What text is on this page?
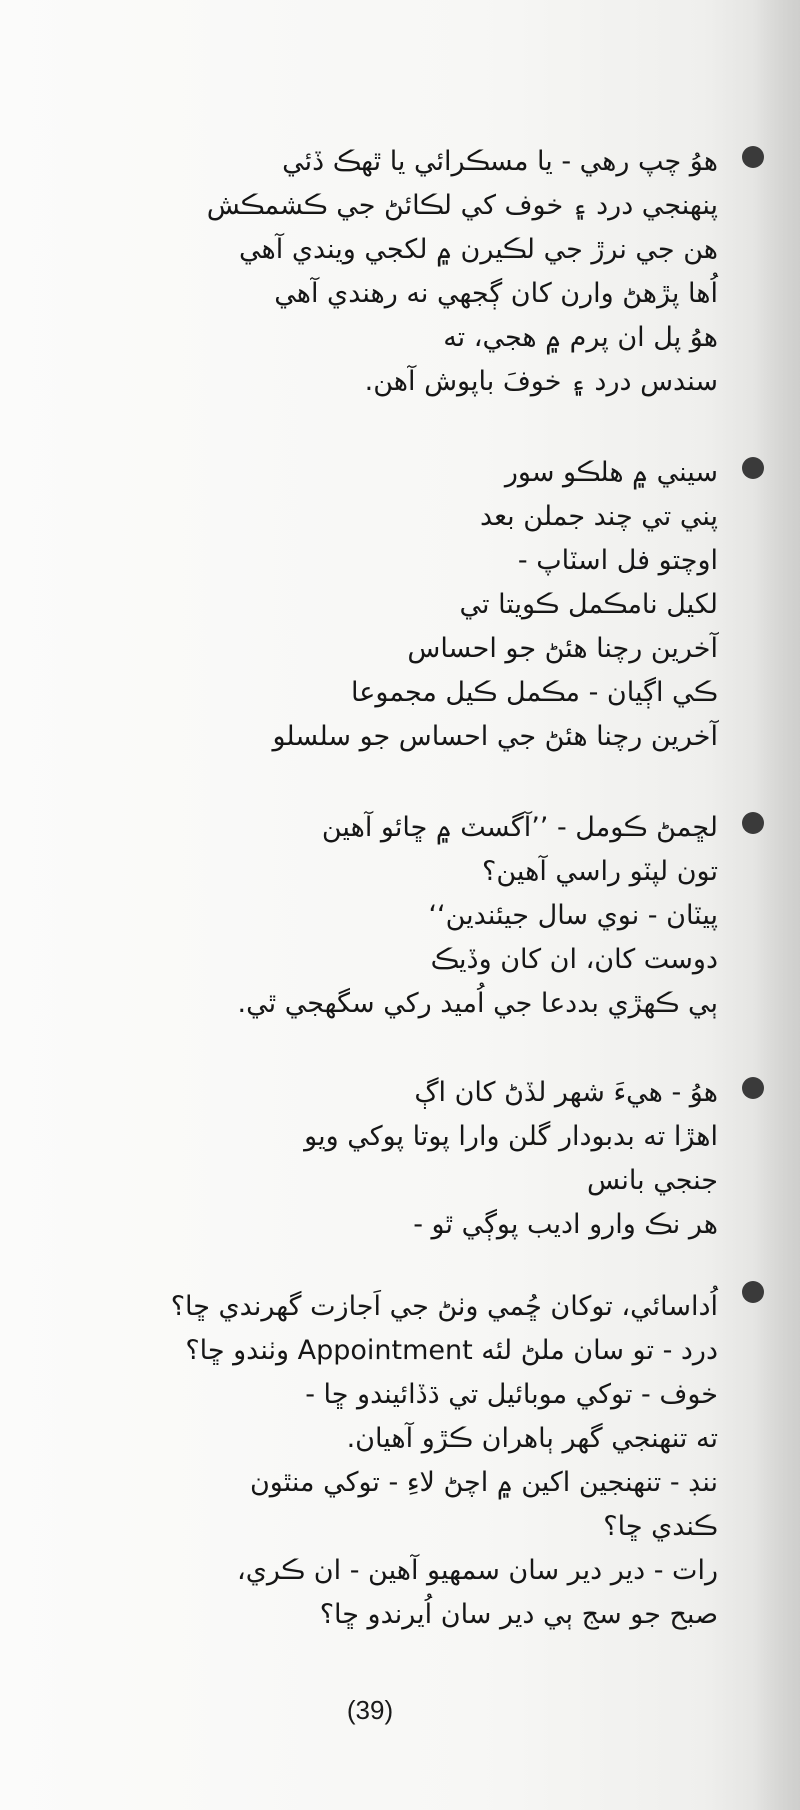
هوُ چپ رهي - يا مسڪرائي يا ٿهڪ ڏئي
پنهنجي درد ۽ خوف کي لڪائڻ جي ڪشمڪش
هن جي نرڙ جي لڪيرن ۾ لکجي ويندي آهي
اُها پڙهڻ وارن کان ڳجهي نه رهندي آهي
هوُ پل ان پرم ۾ هجي، ته
سندس درد ۽ خوفَ باپوش آهن.
سيني ۾ هلڪو سور
پني تي چند جملن بعد
اوچتو فل اسٽاپ -
لکيل نامڪمل ڪويتا تي
آخرين رچنا هئڻ جو احساس
ڪي اڳيان - مڪمل ڪيل مجموعا
آخرين رچنا هئڻ جي احساس جو سلسلو
لڇمڻ ڪومل - ’’آگسٽ ۾ ڇائو آهين
تون لپٽو راسي آهين؟
پيٽان - نوي سال جيئندين‘‘
دوست کان، ان کان وڏيڪ
ٻي ڪهڙي بددعا جي اُميد رکي سگهجي ٿي.
هوُ - هيءَ شهر لڏڻ کان اڳ
اهڙا ته بدبودار گلن وارا پوتا پوکي ويو
جنجي بانس
هر نڪ وارو اديب پوڳي ٿو -
اُداسائي، توکان ڇُمي وٺڻ جي اَجازت گهرندي ڇا؟
درد - تو سان ملڻ لئه Appointment وٺندو ڇا؟
خوف - توکي موبائيل تي ڌڏائيندو ڇا -
ته تنهنجي گهر ٻاهران ڪڙو آهيان.
ننڊ - تنهنجين اکين ۾ اچڻ لاءِ - توکي منٿون
ڪندي ڇا؟
رات - دير دير سان سمهيو آهين - ان ڪري،
صبح جو سج ٻي دير سان اُيرندو ڇا؟
(39)
